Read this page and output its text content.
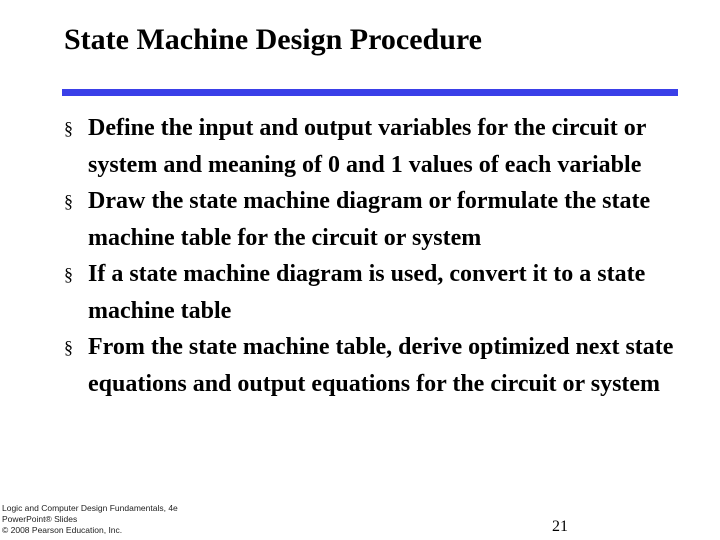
State Machine Design Procedure
§ Define the input and output variables for the circuit or system and meaning of 0 and 1 values of each variable
§ Draw the state machine diagram or formulate the state machine table for the circuit or system
§ If a state machine diagram is used, convert it to a state machine table
§ From the state machine table, derive optimized next state equations and output equations for the circuit or system
Logic and Computer Design Fundamentals, 4e
PowerPoint® Slides
© 2008 Pearson Education, Inc.	21
